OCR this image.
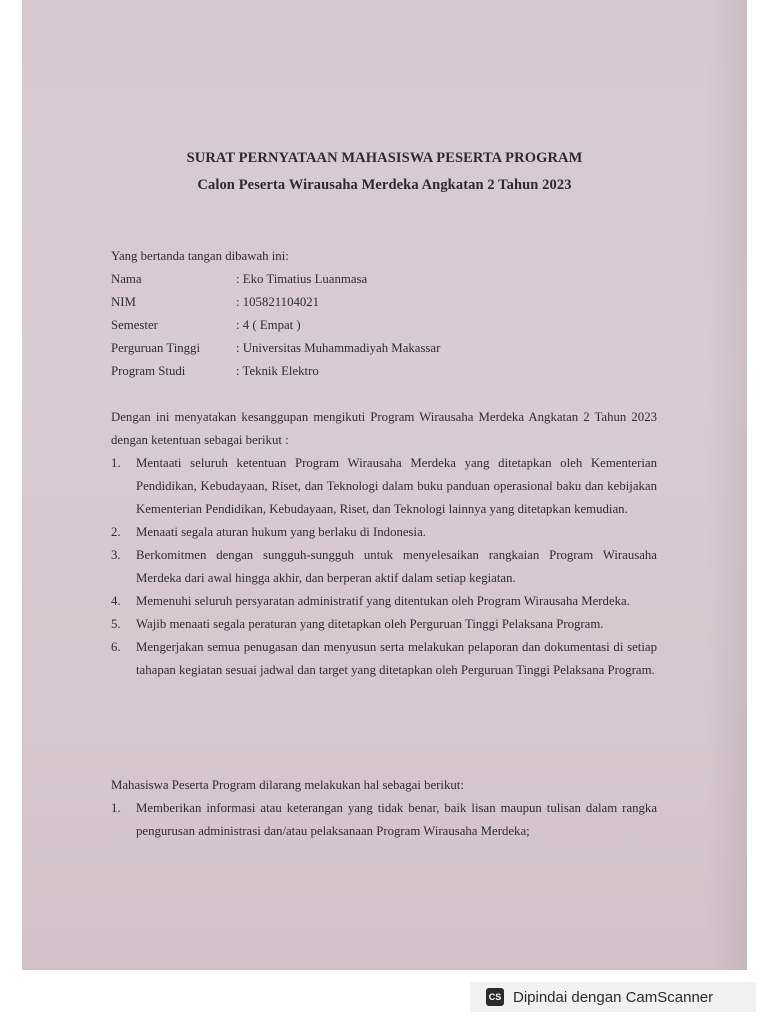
SURAT PERNYATAAN MAHASISWA PESERTA PROGRAM
Calon Peserta Wirausaha Merdeka Angkatan 2 Tahun 2023
Yang bertanda tangan dibawah ini:
Nama	: Eko Timatius Luanmasa
NIM	: 105821104021
Semester	: 4 ( Empat )
Perguruan Tinggi	: Universitas Muhammadiyah Makassar
Program Studi	: Teknik Elektro
Dengan ini menyatakan kesanggupan mengikuti Program Wirausaha Merdeka Angkatan 2 Tahun 2023 dengan ketentuan sebagai berikut :
1. Mentaati seluruh ketentuan Program Wirausaha Merdeka yang ditetapkan oleh Kementerian Pendidikan, Kebudayaan, Riset, dan Teknologi dalam buku panduan operasional baku dan kebijakan Kementerian Pendidikan, Kebudayaan, Riset, dan Teknologi lainnya yang ditetapkan kemudian.
2. Menaati segala aturan hukum yang berlaku di Indonesia.
3. Berkomitmen dengan sungguh-sungguh untuk menyelesaikan rangkaian Program Wirausaha Merdeka dari awal hingga akhir, dan berperan aktif dalam setiap kegiatan.
4. Memenuhi seluruh persyaratan administratif yang ditentukan oleh Program Wirausaha Merdeka.
5. Wajib menaati segala peraturan yang ditetapkan oleh Perguruan Tinggi Pelaksana Program.
6. Mengerjakan semua penugasan dan menyusun serta melakukan pelaporan dan dokumentasi di setiap tahapan kegiatan sesuai jadwal dan target yang ditetapkan oleh Perguruan Tinggi Pelaksana Program.
Mahasiswa Peserta Program dilarang melakukan hal sebagai berikut:
1. Memberikan informasi atau keterangan yang tidak benar, baik lisan maupun tulisan dalam rangka pengurusan administrasi dan/atau pelaksanaan Program Wirausaha Merdeka;
CS Dipindai dengan CamScanner
